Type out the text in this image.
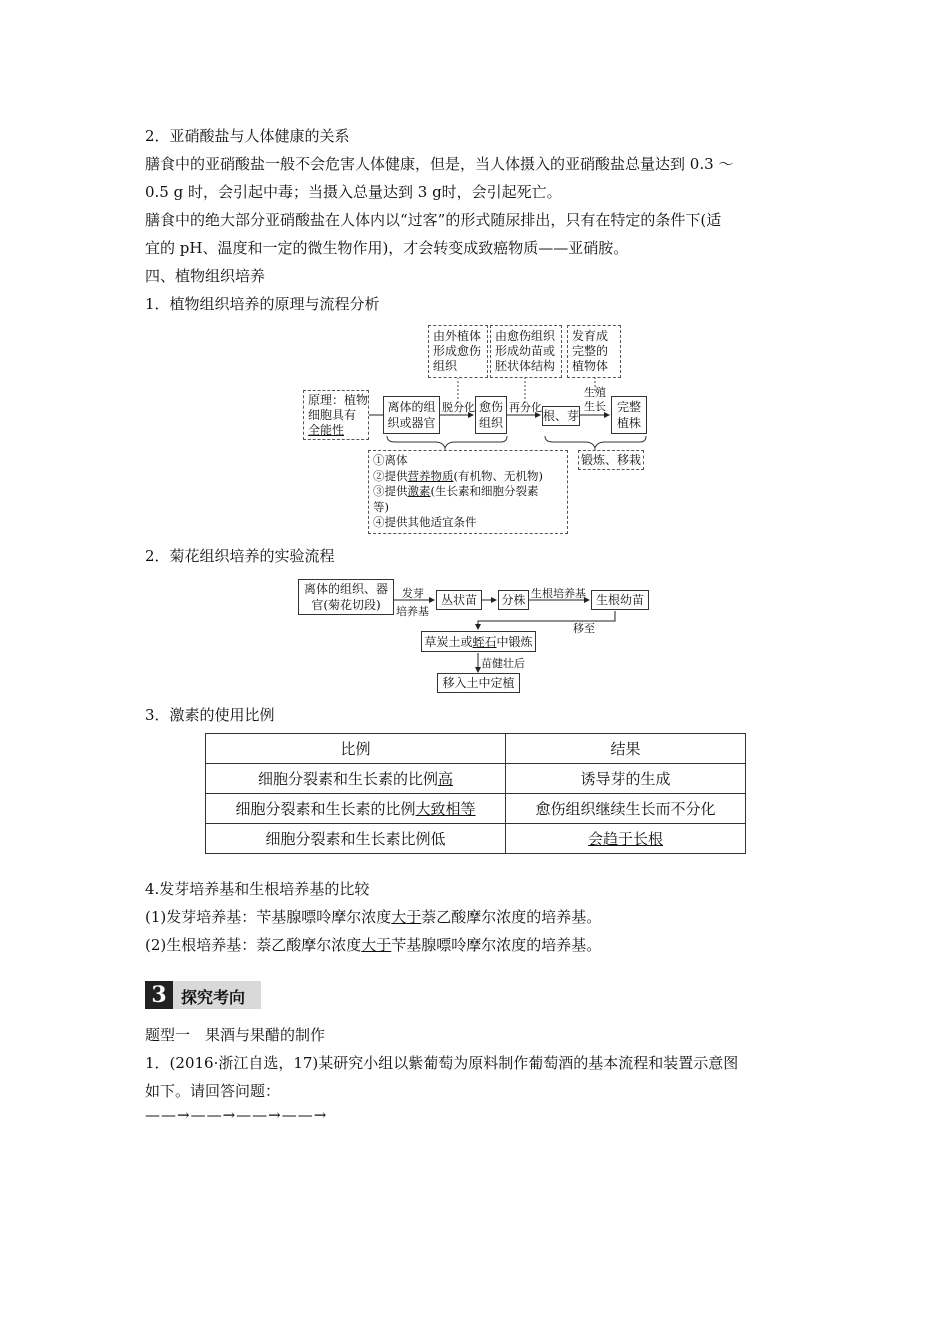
2．亚硝酸盐与人体健康的关系
膳食中的亚硝酸盐一般不会危害人体健康，但是，当人体摄入的亚硝酸盐总量达到 0.3 ～
0.5 g 时，会引起中毒；当摄入总量达到 3 g时，会引起死亡。
膳食中的绝大部分亚硝酸盐在人体内以“过客”的形式随尿排出，只有在特定的条件下(适
宜的 pH、温度和一定的微生物作用)，才会转变成致癌物质——亚硝胺。
四、植物组织培养
1．植物组织培养的原理与流程分析
原理：植物
细胞具有
全能性
离体的组
织或器官
脱分化 愈伤
组织
再分化
根、芽
生殖
生长 完整
植株
由外植体
形成愈伤
组织
由愈伤组织
形成幼苗或
胚状体结构
发育成
完整的
植物体
①离体
②提供营养物质(有机物、无机物)
③提供激素(生长素和细胞分裂素
等)
④提供其他适宜条件
锻炼、移栽
2．菊花组织培养的实验流程
离体的组织、器
官(菊花切段)
发芽
培养基
丛状苗 分株 生根培养基 生根幼苗
移至
草炭土或 蛭石 中锻炼
苗健壮后
移入土中定植
3．激素的使用比例
比例	结果
细胞分裂素和生长素的比例高	诱导芽的生成
细胞分裂素和生长素的比例大致相等	愈伤组织继续生长而不分化
细胞分裂素和生长素比例低	会趋于长根
4.发芽培养基和生根培养基的比较
(1)发芽培养基：苄基腺嘌呤摩尔浓度大于萘乙酸摩尔浓度的培养基。
(2)生根培养基：萘乙酸摩尔浓度大于苄基腺嘌呤摩尔浓度的培养基。
3 探究考向
题型一　果酒与果醋的制作
1．(2016·浙江自选，17)某研究小组以紫葡萄为原料制作葡萄酒的基本流程和装置示意图
如下。请回答问题：
——→——→——→——→
